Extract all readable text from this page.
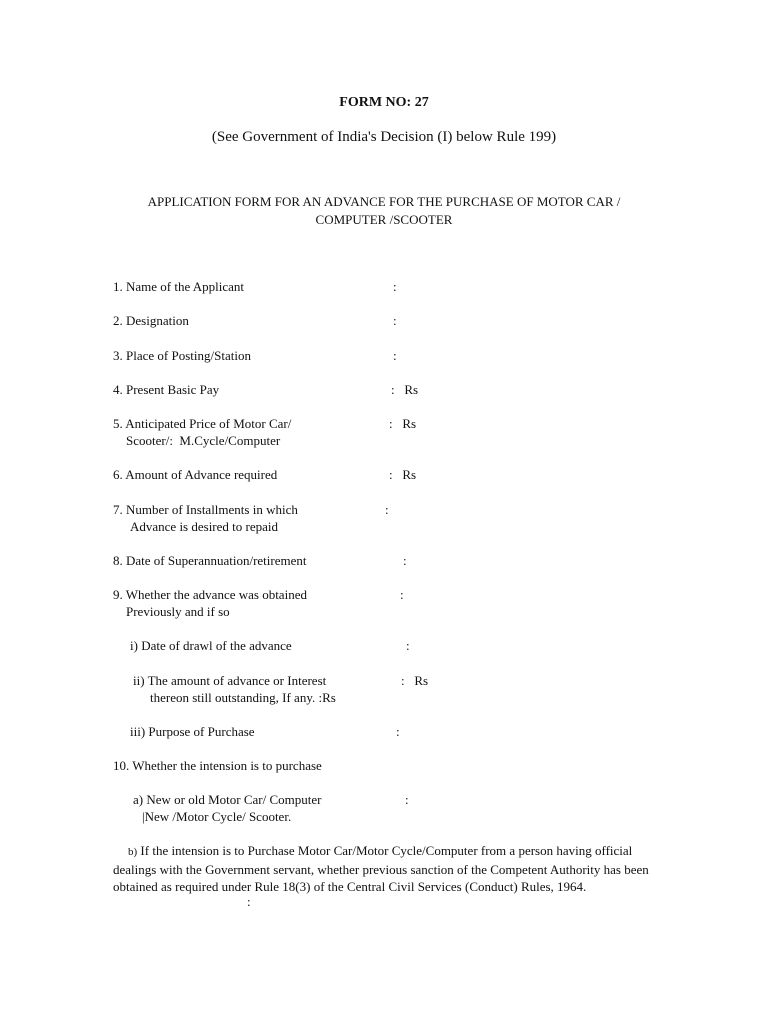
FORM NO: 27
(See Government of India's Decision (I) below Rule 199)
APPLICATION FORM FOR AN ADVANCE FOR THE PURCHASE OF MOTOR CAR /
COMPUTER /SCOOTER
1. Name of the Applicant	:
2. Designation	:
3. Place of Posting/Station	:
4. Present Basic Pay	:   Rs
5. Anticipated Price of Motor Car/
Scooter/:  M.Cycle/Computer
:   Rs
6. Amount of Advance required	:   Rs
7. Number of Installments in which
Advance is desired to repaid
:
8. Date of Superannuation/retirement	:
9. Whether the advance was obtained
Previously and if so
:
i) Date of drawl of the advance	:
ii) The amount of advance or Interest
thereon still outstanding, If any. :Rs
:   Rs
iii) Purpose of Purchase	:
10. Whether the intension is to purchase
a) New or old Motor Car/ Computer
|New /Motor Cycle/ Scooter.
:
b) If the intension is to Purchase Motor Car/Motor Cycle/Computer from a person having official dealings with the Government servant, whether previous sanction of the Competent Authority has been obtained as required under Rule 18(3) of the Central Civil Services (Conduct) Rules, 1964.
:
